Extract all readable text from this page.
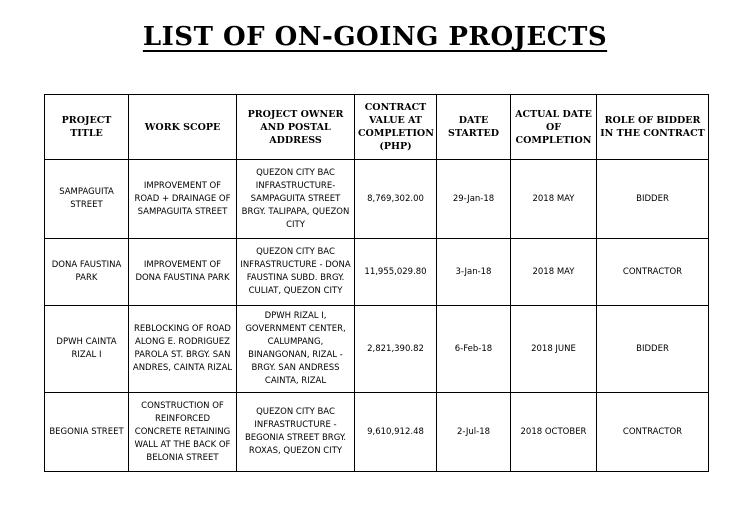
LIST OF ON-GOING PROJECTS
PROJECT TITLE	WORK SCOPE	PROJECT OWNER AND POSTAL ADDRESS	CONTRACT VALUE AT COMPLETION (PHP)	DATE STARTED	ACTUAL DATE OF COMPLETION	ROLE OF BIDDER IN THE CONTRACT
SAMPAGUITA STREET	IMPROVEMENT OF ROAD + DRAINAGE OF SAMPAGUITA STREET	QUEZON CITY BAC INFRASTRUCTURE- SAMPAGUITA STREET BRGY. TALIPAPA, QUEZON CITY	8,769,302.00	29-Jan-18	2018 MAY	BIDDER
DONA FAUSTINA PARK	IMPROVEMENT OF DONA FAUSTINA PARK	QUEZON CITY BAC INFRASTRUCTURE - DONA FAUSTINA SUBD. BRGY. CULIAT, QUEZON CITY	11,955,029.80	3-Jan-18	2018 MAY	CONTRACTOR
DPWH CAINTA RIZAL I	REBLOCKING OF ROAD ALONG E. RODRIGUEZ PAROLA ST. BRGY. SAN ANDRES, CAINTA RIZAL	DPWH RIZAL I, GOVERNMENT CENTER, CALUMPANG, BINANGONAN, RIZAL - BRGY. SAN ANDRESS CAINTA, RIZAL	2,821,390.82	6-Feb-18	2018 JUNE	BIDDER
BEGONIA STREET	CONSTRUCTION OF REINFORCED CONCRETE RETAINING WALL AT THE BACK OF BELONIA STREET	QUEZON CITY BAC INFRASTRUCTURE - BEGONIA STREET BRGY. ROXAS, QUEZON CITY	9,610,912.48	2-Jul-18	2018 OCTOBER	CONTRACTOR
